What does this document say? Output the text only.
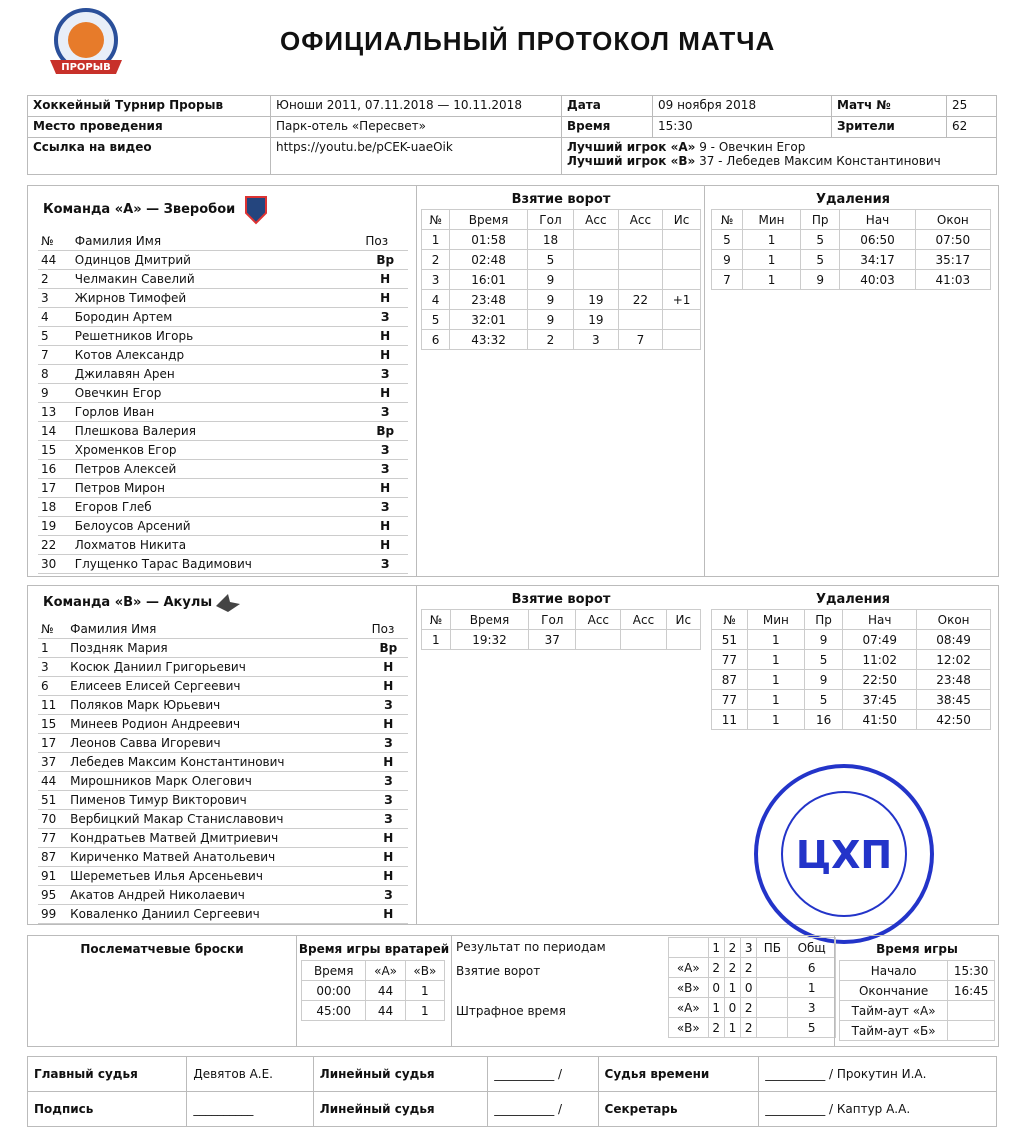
ПРОРЫВ
ОФИЦИАЛЬНЫЙ ПРОТОКОЛ МАТЧА
Хоккейный Турнир Прорыв	Юноши 2011, 07.11.2018 — 10.11.2018	Дата	09 ноября 2018	Матч №	25
Место проведения	Парк-отель «Пересвет»	Время	15:30	Зрители	62
Ссылка на видео	https://youtu.be/pCEK-uaeOik	Лучший игрок «А» 9 - Овечкин Егор
Лучший игрок «В» 37 - Лебедев Максим Константинович			
Команда «А» — Зверобои
№	Фамилия Имя	Поз
44	Одинцов Дмитрий	Вр
2	Челмакин Савелий	Н
3	Жирнов Тимофей	Н
4	Бородин Артем	З
5	Решетников Игорь	Н
7	Котов Александр	Н
8	Джилавян Арен	З
9	Овечкин Егор	Н
13	Горлов Иван	З
14	Плешкова Валерия	Вр
15	Хроменков Егор	З
16	Петров Алексей	З
17	Петров Мирон	Н
18	Егоров Глеб	З
19	Белоусов Арсений	Н
22	Лохматов Никита	Н
30	Глущенко Тарас Вадимович	З
Взятие ворот
№	Время	Гол	Асс	Асс	Ис
1	01:58	18			
2	02:48	5			
3	16:01	9			
4	23:48	9	19	22	+1
5	32:01	9	19		
6	43:32	2	3	7	
Удаления
№	Мин	Пр	Нач	Окон
5	1	5	06:50	07:50
9	1	5	34:17	35:17
7	1	9	40:03	41:03
Команда «В» — Акулы
№	Фамилия Имя	Поз
1	Поздняк Мария	Вр
3	Косюк Даниил Григорьевич	Н
6	Елисеев Елисей Сергеевич	Н
11	Поляков Марк Юрьевич	З
15	Минеев Родион Андреевич	Н
17	Леонов Савва Игоревич	З
37	Лебедев Максим Константинович	Н
44	Мирошников Марк Олегович	З
51	Пименов Тимур Викторович	З
70	Вербицкий Макар Станиславович	З
77	Кондратьев Матвей Дмитриевич	Н
87	Кириченко Матвей Анатольевич	Н
91	Шереметьев Илья Арсеньевич	Н
95	Акатов Андрей Николаевич	З
99	Коваленко Даниил Сергеевич	Н
Взятие ворот
№	Время	Гол	Асс	Асс	Ис
1	19:32	37			
Удаления
№	Мин	Пр	Нач	Окон
51	1	9	07:49	08:49
77	1	5	11:02	12:02
87	1	9	22:50	23:48
77	1	5	37:45	38:45
11	1	16	41:50	42:50
ЦХП
Послематчевые броски	Время игры вратарей
Время	«А»	«В»
00:00	44	1
45:00	44	1
Результат по периодам
		1	2	3	ПБ	Общ
«А»	2	2	2		6
«В»	0	1	0		1
«А»	1	0	2		3
«В»	2	1	2		5
Взятие ворот
Штрафное время
Время игры
Начало	15:30
Окончание	16:45
Тайм-аут «А»	
Тайм-аут «Б»	
Главный судья	Девятов А.Е.	Линейный судья	__________ /	Судья времени	__________ / Прокутин И.А.
Подпись	__________	Линейный судья	__________ /	Секретарь	__________ / Каптур А.А.
